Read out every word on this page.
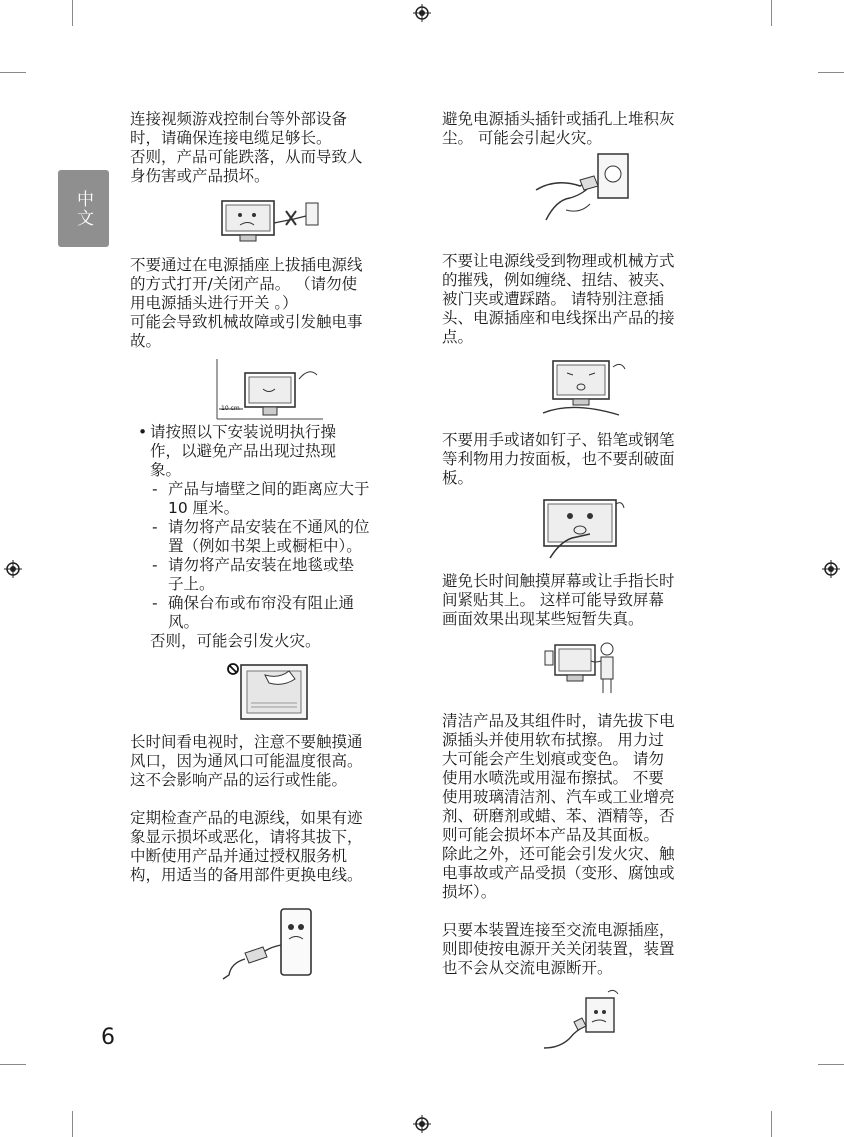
中文

连接视频游戏控制台等外部设备

时，请确保连接电缆足够长。

否则，产品可能跌落，从而导致人

身伤害或产品损坏。

不要通过在电源插座上拔插电源线

的方式打开/关闭产品。 （请勿使

用电源插头进行开关 。）

可能会导致机械故障或引发触电事

故。

10 cm
• 请按照以下安装说明执行操

作，以避免产品出现过热现

象。

- 产品与墙壁之间的距离应大于

10 厘米。

- 请勿将产品安装在不通风的位

置（例如书架上或橱柜中）。

- 请勿将产品安装在地毯或垫

子上。

- 确保台布或布帘没有阻止通

风。

否则，可能会引发火灾。

长时间看电视时，注意不要触摸通

风口，因为通风口可能温度很高。

这不会影响产品的运行或性能。

定期检查产品的电源线，如果有迹

象显示损坏或恶化，请将其拔下，

中断使用产品并通过授权服务机

构，用适当的备用部件更换电线。

避免电源插头插针或插孔上堆积灰

尘。 可能会引起火灾。

不要让电源线受到物理或机械方式

的摧残，例如缠绕、扭结、被夹、

被门夹或遭踩踏。 请特别注意插

头、电源插座和电线探出产品的接

点。

不要用手或诸如钉子、铅笔或钢笔

等利物用力按面板，也不要刮破面

板。

避免长时间触摸屏幕或让手指长时

间紧贴其上。 这样可能导致屏幕

画面效果出现某些短暂失真。

清洁产品及其组件时，请先拔下电

源插头并使用软布拭擦。 用力过

大可能会产生划痕或变色。 请勿

使用水喷洗或用湿布擦拭。 不要

使用玻璃清洁剂、汽车或工业增亮

剂、研磨剂或蜡、苯、酒精等，否

则可能会损坏本产品及其面板。

除此之外，还可能会引发火灾、触

电事故或产品受损（变形、腐蚀或

损坏）。

只要本装置连接至交流电源插座，

则即使按电源开关关闭装置，装置

也不会从交流电源断开。

6
